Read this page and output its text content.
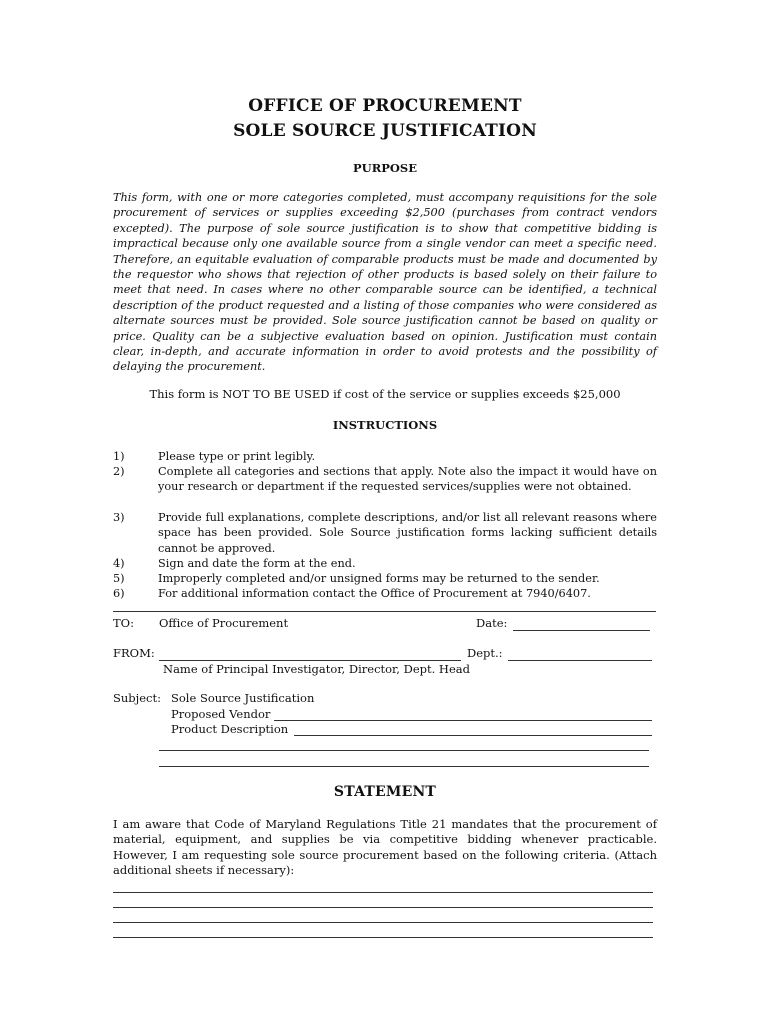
OFFICE OF PROCUREMENT
SOLE SOURCE JUSTIFICATION
PURPOSE
This form, with one or more categories completed, must accompany requisitions for the sole procurement of services or supplies exceeding $2,500 (purchases from contract vendors excepted). The purpose of sole source justification is to show that competitive bidding is impractical because only one available source from a single vendor can meet a specific need. Therefore, an equitable evaluation of comparable products must be made and documented by the requestor who shows that rejection of other products is based solely on their failure to meet that need. In cases where no other comparable source can be identified, a technical description of the product requested and a listing of those companies who were considered as alternate sources must be provided. Sole source justification cannot be based on quality or price. Quality can be a subjective evaluation based on opinion. Justification must contain clear, in-depth, and accurate information in order to avoid protests and the possibility of delaying the procurement.
This form is NOT TO BE USED if cost of the service or supplies exceeds $25,000
INSTRUCTIONS
1)	Please type or print legibly.
2)	Complete all categories and sections that apply. Note also the impact it would have on your research or department if the requested services/supplies were not obtained.
3)	Provide full explanations, complete descriptions, and/or list all relevant reasons where space has been provided. Sole Source justification forms lacking sufficient details cannot be approved.
4)	Sign and date the form at the end.
5)	Improperly completed and/or unsigned forms may be returned to the sender.
6)	For additional information contact the Office of Procurement at 7940/6407.
TO: Office of Procurement	Date:
FROM:	Dept.:
Name of Principal Investigator, Director, Dept. Head
Subject: Sole Source Justification
Proposed Vendor
Product Description
STATEMENT
I am aware that Code of Maryland Regulations Title 21 mandates that the procurement of material, equipment, and supplies be via competitive bidding whenever practicable. However, I am requesting sole source procurement based on the following criteria. (Attach additional sheets if necessary):
